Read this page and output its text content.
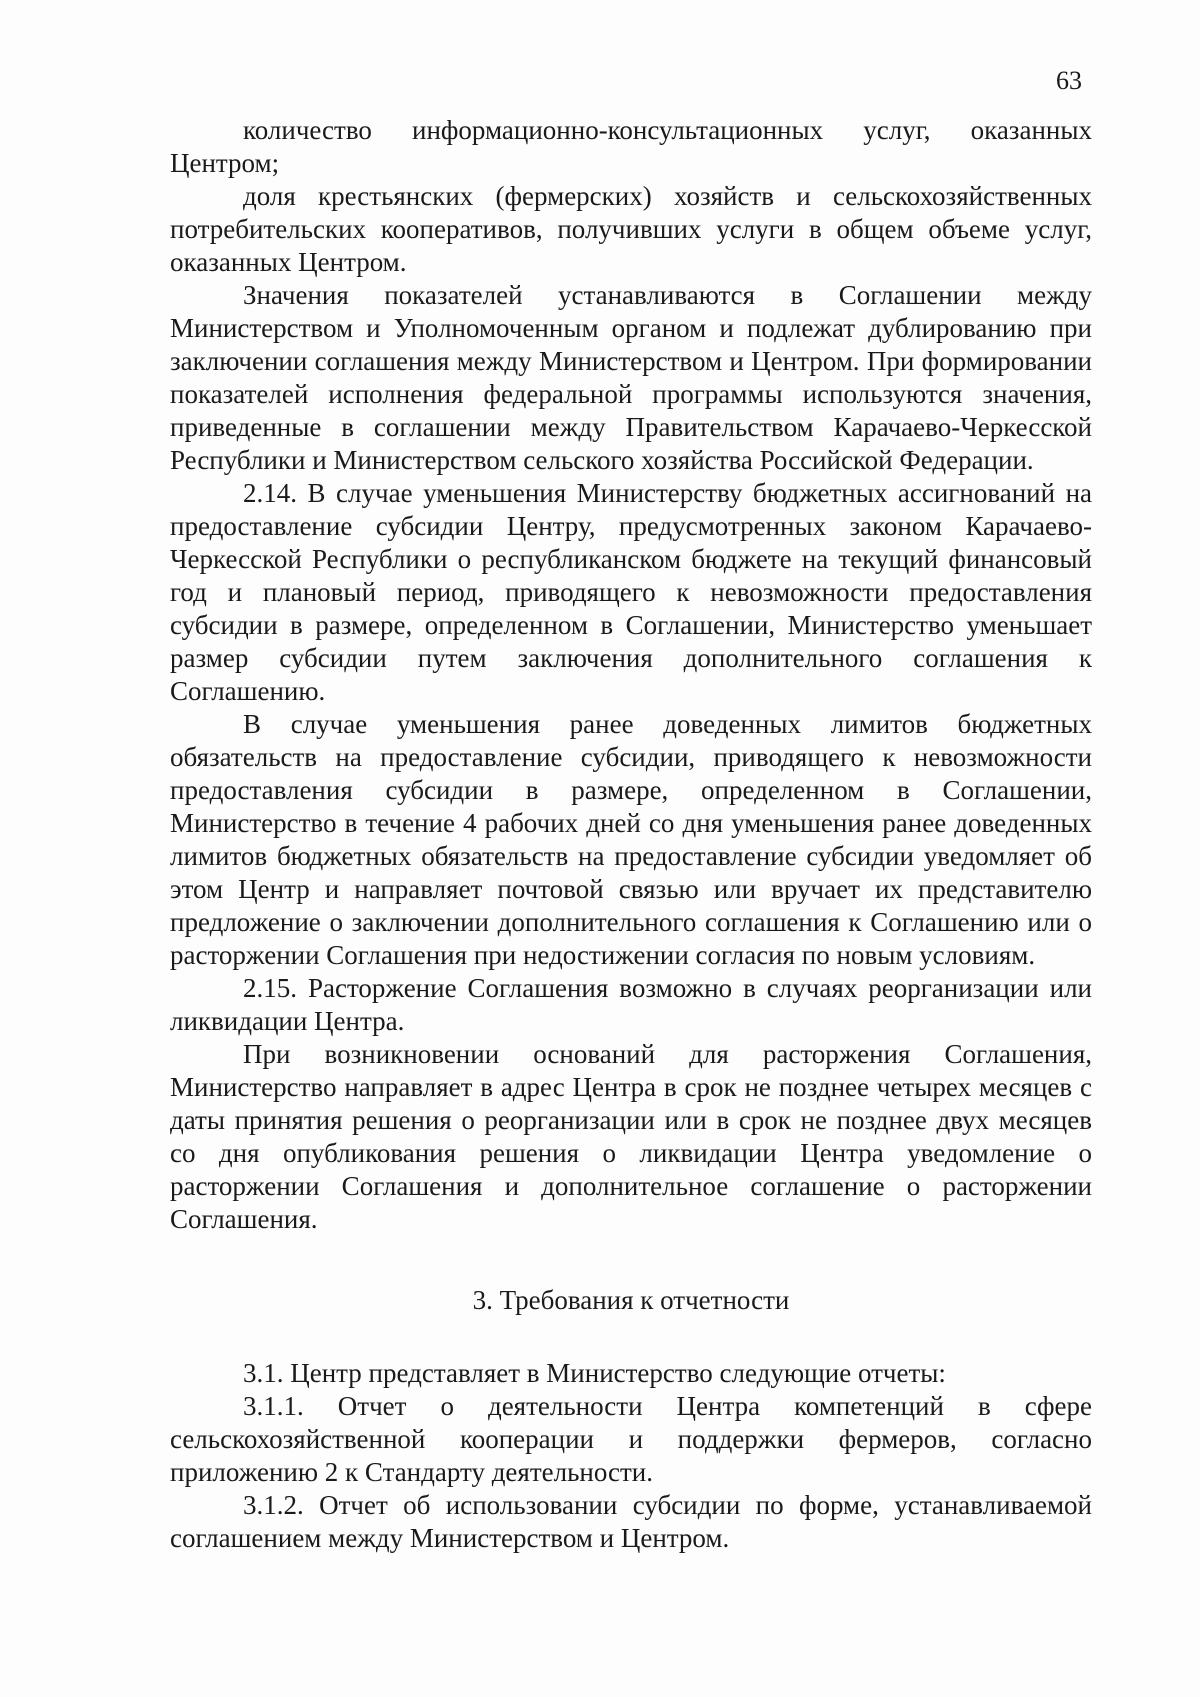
63

количество информационно-консультационных услуг, оказанных Центром;

доля крестьянских (фермерских) хозяйств и сельскохозяйственных потребительских кооперативов, получивших услуги в общем объеме услуг, оказанных Центром.

Значения показателей устанавливаются в Соглашении между Министерством и Уполномоченным органом и подлежат дублированию при заключении соглашения между Министерством и Центром. При формировании показателей исполнения федеральной программы используются значения, приведенные в соглашении между Правительством Карачаево-Черкесской Республики и Министерством сельского хозяйства Российской Федерации.

2.14. В случае уменьшения Министерству бюджетных ассигнований на предоставление субсидии Центру, предусмотренных законом Карачаево-Черкесской Республики о республиканском бюджете на текущий финансовый год и плановый период, приводящего к невозможности предоставления субсидии в размере, определенном в Соглашении, Министерство уменьшает размер субсидии путем заключения дополнительного соглашения к Соглашению.

В случае уменьшения ранее доведенных лимитов бюджетных обязательств на предоставление субсидии, приводящего к невозможности предоставления субсидии в размере, определенном в Соглашении, Министерство в течение 4 рабочих дней со дня уменьшения ранее доведенных лимитов бюджетных обязательств на предоставление субсидии уведомляет об этом Центр и направляет почтовой связью или вручает их представителю предложение о заключении дополнительного соглашения к Соглашению или о расторжении Соглашения при недостижении согласия по новым условиям.

2.15. Расторжение Соглашения возможно в случаях реорганизации или ликвидации Центра.

При возникновении оснований для расторжения Соглашения, Министерство направляет в адрес Центра в срок не позднее четырех месяцев с даты принятия решения о реорганизации или в срок не позднее двух месяцев со дня опубликования решения о ликвидации Центра уведомление о расторжении Соглашения и дополнительное соглашение о расторжении Соглашения.

3. Требования к отчетности

3.1. Центр представляет в Министерство следующие отчеты:

3.1.1. Отчет о деятельности Центра компетенций в сфере сельскохозяйственной кооперации и поддержки фермеров, согласно приложению 2 к Стандарту деятельности.

3.1.2. Отчет об использовании субсидии по форме, устанавливаемой соглашением между Министерством и Центром.
